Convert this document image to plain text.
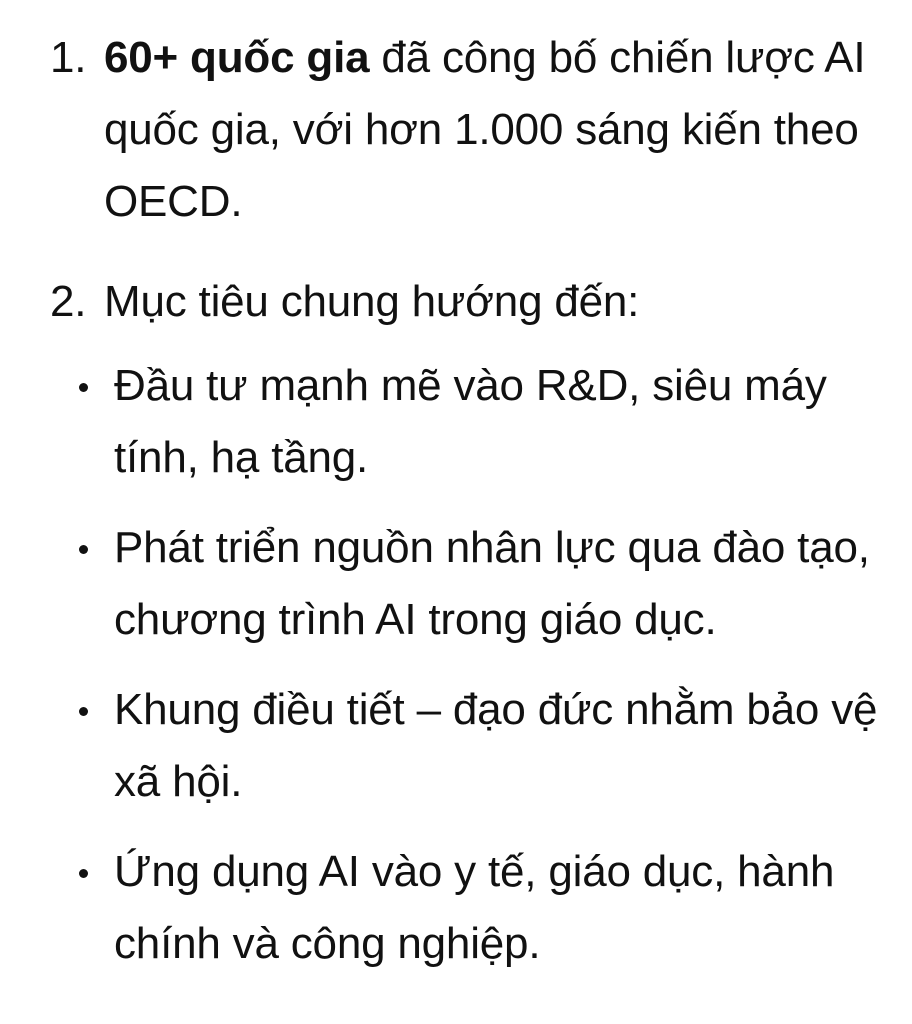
1. 60+ quốc gia đã công bố chiến lược AI quốc gia, với hơn 1.000 sáng kiến theo OECD.
2. Mục tiêu chung hướng đến:
Đầu tư mạnh mẽ vào R&D, siêu máy tính, hạ tầng.
Phát triển nguồn nhân lực qua đào tạo, chương trình AI trong giáo dục.
Khung điều tiết – đạo đức nhằm bảo vệ xã hội.
Ứng dụng AI vào y tế, giáo dục, hành chính và công nghiệp.
